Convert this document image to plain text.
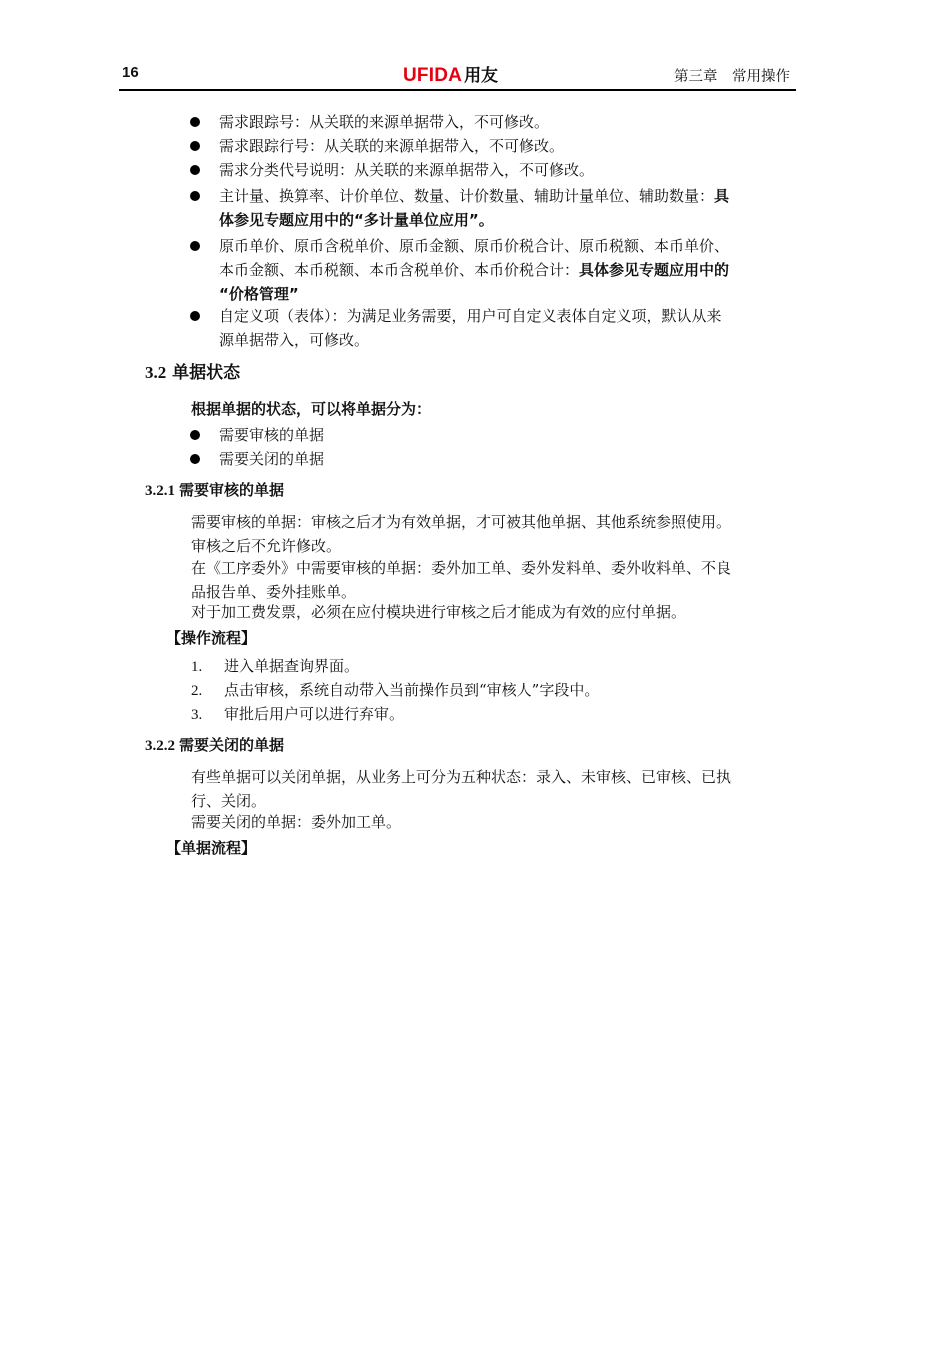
16	UFIDA 用友	第三章　常用操作
需求跟踪号：从关联的来源单据带入，不可修改。
需求跟踪行号：从关联的来源单据带入，不可修改。
需求分类代号说明：从关联的来源单据带入，不可修改。
主计量、换算率、计价单位、数量、计价数量、辅助计量单位、辅助数量：具
体参见专题应用中的“多计量单位应用”。
原币单价、原币含税单价、原币金额、原币价税合计、原币税额、本币单价、
本币金额、本币税额、本币含税单价、本币价税合计：具体参见专题应用中的
“价格管理”
自定义项（表体）：为满足业务需要，用户可自定义表体自定义项，默认从来
源单据带入，可修改。
3.2 单据状态
根据单据的状态，可以将单据分为：
需要审核的单据
需要关闭的单据
3.2.1 需要审核的单据
需要审核的单据：审核之后才为有效单据，才可被其他单据、其他系统参照使用。
审核之后不允许修改。
在《工序委外》中需要审核的单据：委外加工单、委外发料单、委外收料单、不良
品报告单、委外挂账单。
对于加工费发票，必须在应付模块进行审核之后才能成为有效的应付单据。
【操作流程】
1. 进入单据查询界面。
2. 点击审核，系统自动带入当前操作员到“审核人”字段中。
3. 审批后用户可以进行弃审。
3.2.2 需要关闭的单据
有些单据可以关闭单据，从业务上可分为五种状态：录入、未审核、已审核、已执
行、关闭。
需要关闭的单据：委外加工单。
【单据流程】
